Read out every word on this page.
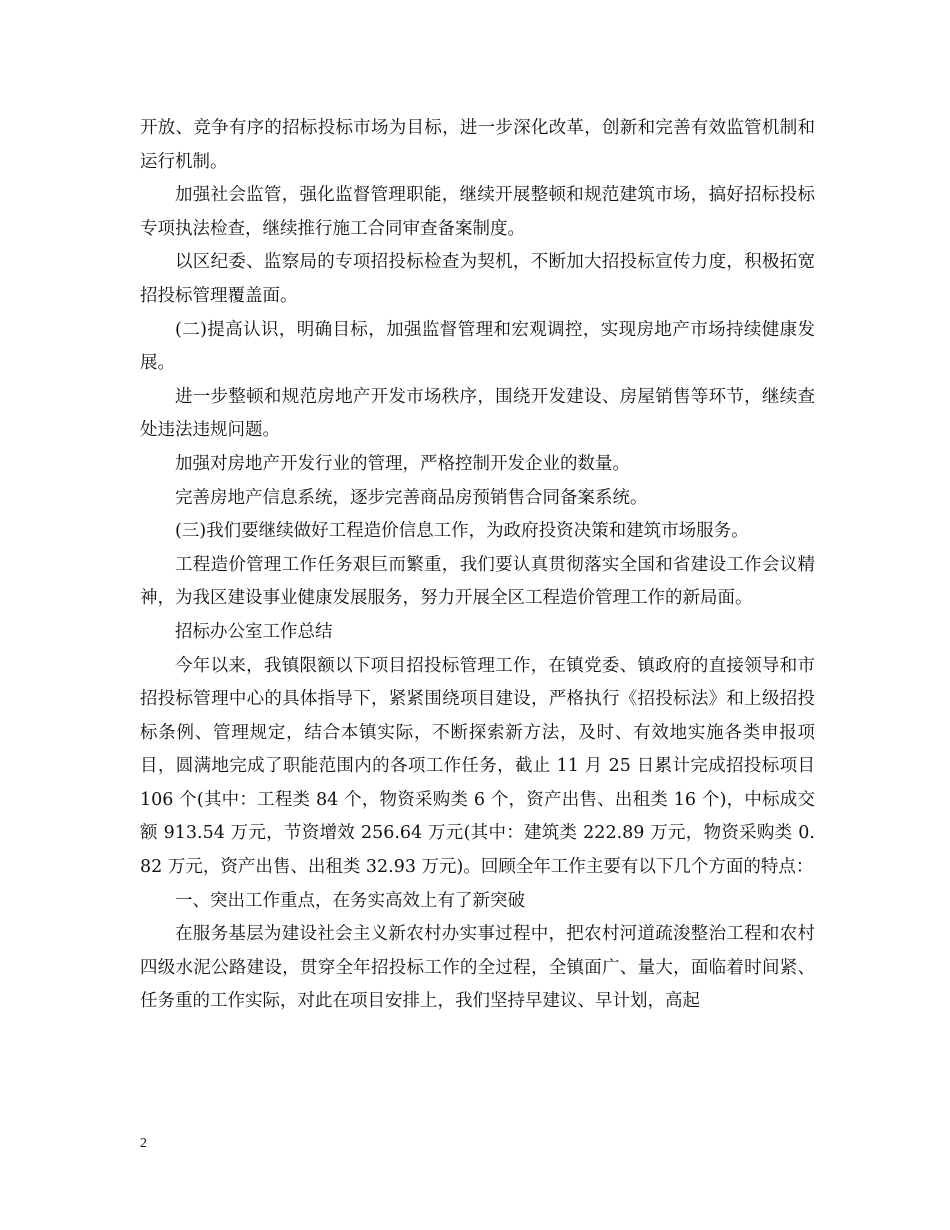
开放、竞争有序的招标投标市场为目标，进一步深化改革，创新和完善有效监管机制和运行机制。

加强社会监管，强化监督管理职能，继续开展整顿和规范建筑市场，搞好招标投标专项执法检查，继续推行施工合同审查备案制度。

以区纪委、监察局的专项招投标检查为契机，不断加大招投标宣传力度，积极拓宽招投标管理覆盖面。

(二)提高认识，明确目标，加强监督管理和宏观调控，实现房地产市场持续健康发展。

进一步整顿和规范房地产开发市场秩序，围绕开发建设、房屋销售等环节，继续查处违法违规问题。

加强对房地产开发行业的管理，严格控制开发企业的数量。

完善房地产信息系统，逐步完善商品房预销售合同备案系统。

(三)我们要继续做好工程造价信息工作，为政府投资决策和建筑市场服务。

工程造价管理工作任务艰巨而繁重，我们要认真贯彻落实全国和省建设工作会议精神，为我区建设事业健康发展服务，努力开展全区工程造价管理工作的新局面。

招标办公室工作总结

今年以来，我镇限额以下项目招投标管理工作，在镇党委、镇政府的直接领导和市招投标管理中心的具体指导下，紧紧围绕项目建设，严格执行《招投标法》和上级招投标条例、管理规定，结合本镇实际，不断探索新方法，及时、有效地实施各类申报项目，圆满地完成了职能范围内的各项工作任务，截止 11 月 25 日累计完成招投标项目 106 个(其中：工程类 84 个，物资采购类 6 个，资产出售、出租类 16 个)，中标成交额 913.54 万元，节资增效 256.64 万元(其中：建筑类 222.89 万元，物资采购类 0.82 万元，资产出售、出租类 32.93 万元)。回顾全年工作主要有以下几个方面的特点：

一、突出工作重点，在务实高效上有了新突破

在服务基层为建设社会主义新农村办实事过程中，把农村河道疏浚整治工程和农村四级水泥公路建设，贯穿全年招投标工作的全过程，全镇面广、量大，面临着时间紧、任务重的工作实际，对此在项目安排上，我们坚持早建议、早计划，高起

2
